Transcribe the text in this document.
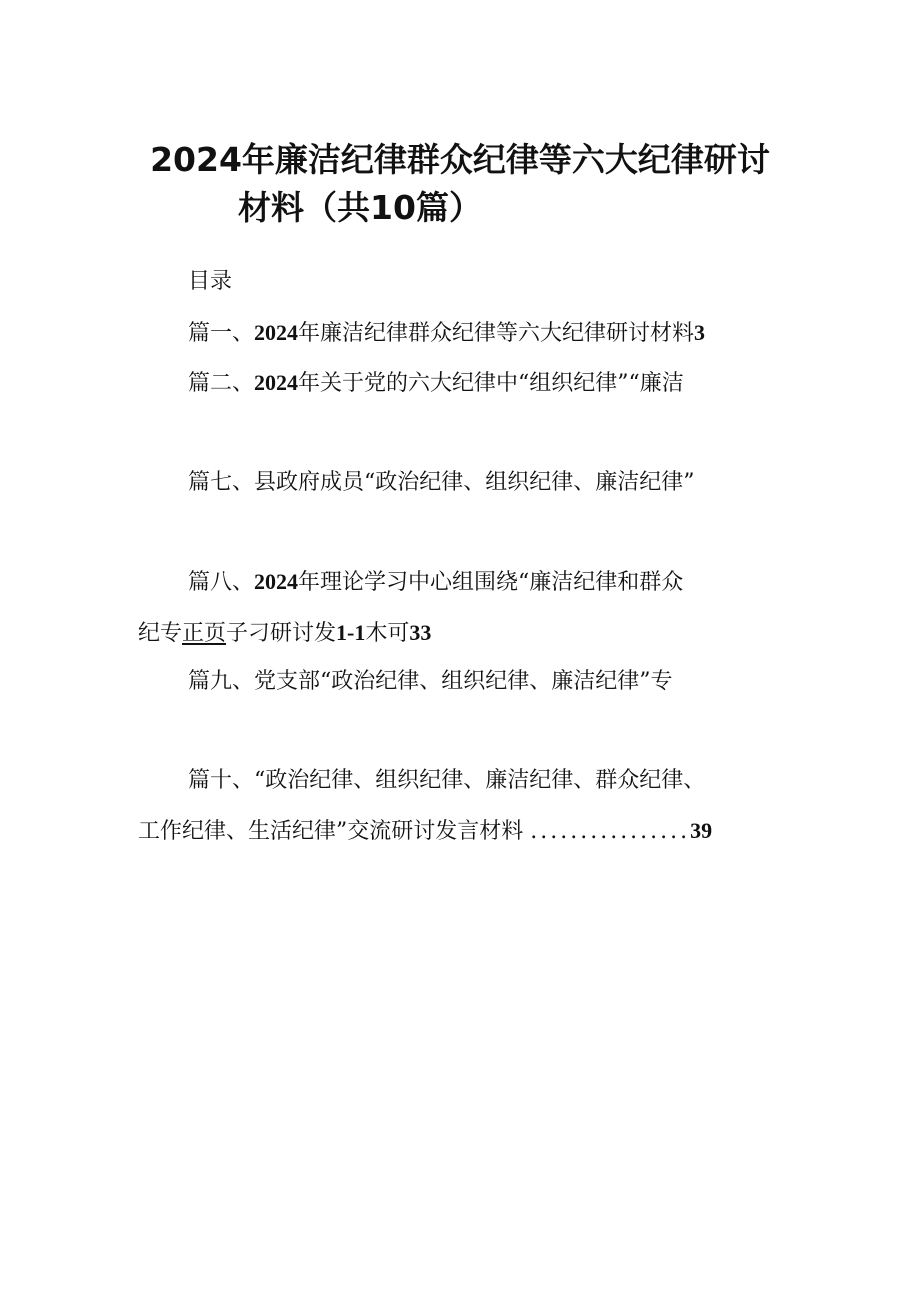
2024年廉洁纪律群众纪律等六大纪律研讨
材料（共10篇）
目录
篇一、2024年廉洁纪律群众纪律等六大纪律研讨材料3
篇二、2024年关于党的六大纪律中“组织纪律”“廉洁
篇七、县政府成员“政治纪律、组织纪律、廉洁纪律”
篇八、2024年理论学习中心组围绕“廉洁纪律和群众
纪专正页子刁研讨发1-1木可33
篇九、党支部“政治纪律、组织纪律、廉洁纪律”专
篇十、“政治纪律、组织纪律、廉洁纪律、群众纪律、
工作纪律、生活纪律”交流研讨发言材料 ................39
